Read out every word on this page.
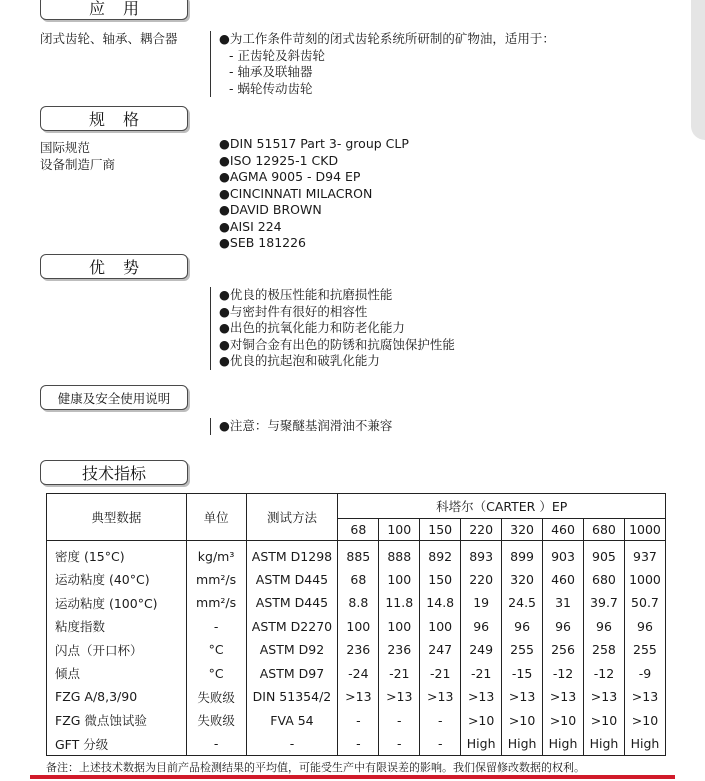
应用
闭式齿轮、轴承、耦合器	●为工作条件苛刻的闭式齿轮系统所研制的矿物油，适用于：
- 正齿轮及斜齿轮
- 轴承及联轴器
- 蜗轮传动齿轮
规格
国际规范
设备制造厂商
●DIN 51517 Part 3- group CLP
●ISO 12925-1 CKD
●AGMA 9005 - D94 EP
●CINCINNATI MILACRON
●DAVID BROWN
●AISI 224
●SEB 181226
优势
●优良的极压性能和抗磨损性能
●与密封件有很好的相容性
●出色的抗氧化能力和防老化能力
●对铜合金有出色的防锈和抗腐蚀保护性能
●优良的抗起泡和破乳化能力
健康及安全使用说明
●注意：与聚醚基润滑油不兼容
技术指标
典型数据	单位	测试方法	科塔尔（CARTER ）EP							
			68	100	150	220	320	460	680	1000
密度 (15°C)	kg/m³	ASTM D1298	885	888	892	893	899	903	905	937
运动粘度 (40°C)	mm²/s	ASTM D445	68	100	150	220	320	460	680	1000
运动粘度 (100°C)	mm²/s	ASTM D445	8.8	11.8	14.8	19	24.5	31	39.7	50.7
粘度指数	-	ASTM D2270	100	100	100	96	96	96	96	96
闪点（开口杯）	°C	ASTM D92	236	236	247	249	255	256	258	255
倾点	°C	ASTM D97	-24	-21	-21	-21	-15	-12	-12	-9
FZG A/8,3/90	失败级	DIN 51354/2	>13	>13	>13	>13	>13	>13	>13	>13
FZG 微点蚀试验	失败级	FVA 54	-	-	-	>10	>10	>10	>10	>10
GFT 分级	-	-	-	-	-	High	High	High	High	High
备注：上述技术数据为目前产品检测结果的平均值，可能受生产中有限误差的影响。我们保留修改数据的权利。
